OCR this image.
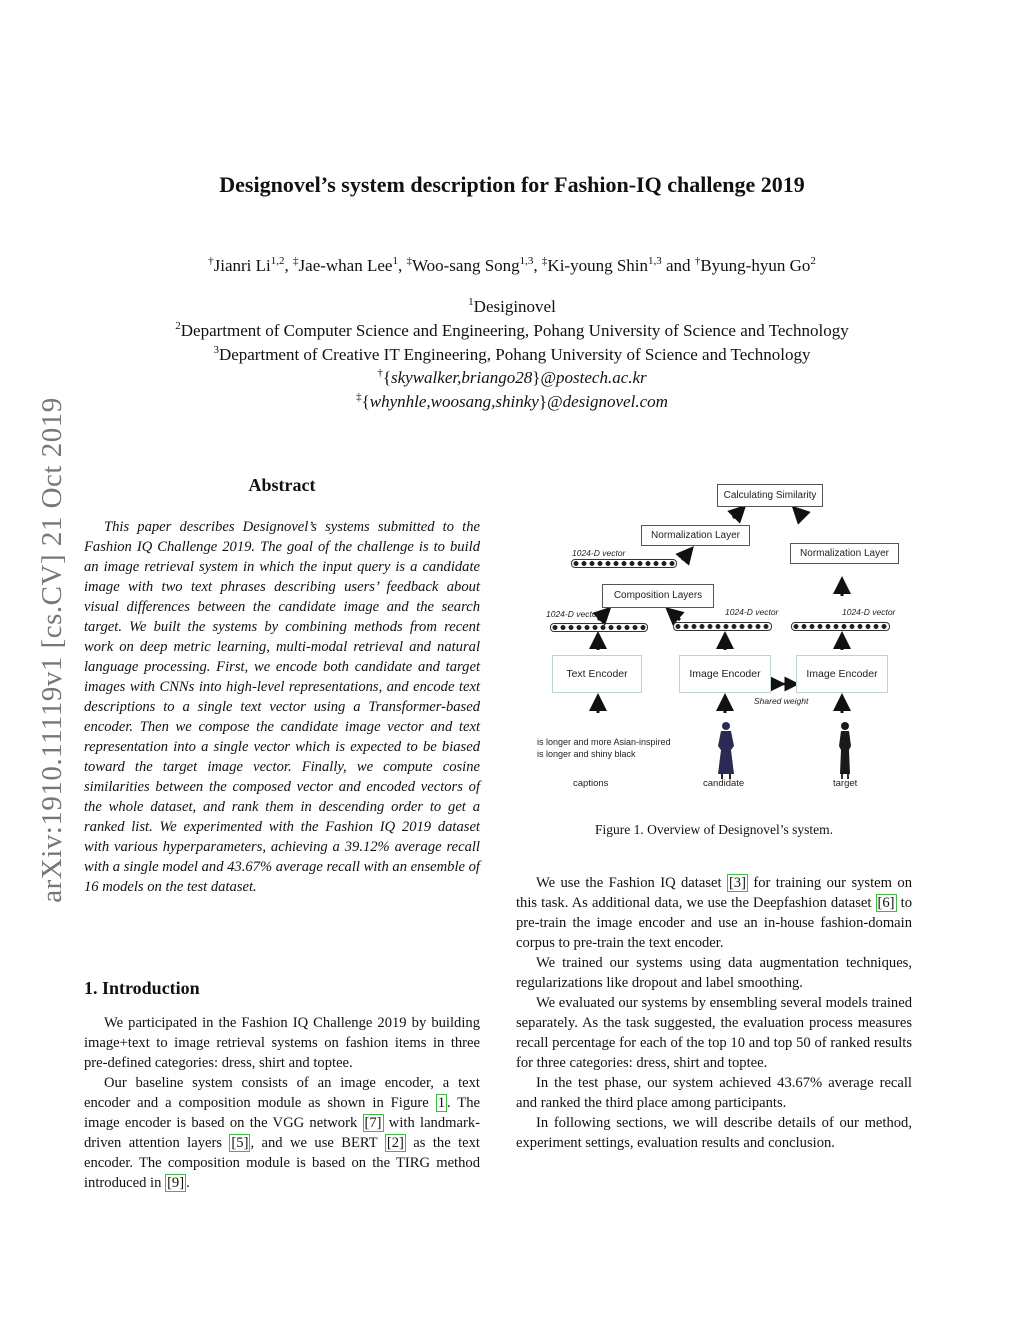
arXiv:1910.11119v1 [cs.CV] 21 Oct 2019
Designovel’s system description for Fashion-IQ challenge 2019
†Jianri Li$^{1,2}$, ‡Jae-whan Lee$^1$, ‡Woo-sang Song$^{1,3}$, ‡Ki-young Shin$^{1,3}$ and †Byung-hyun Go$^2$
$^1$Desiginovel
$^2$Department of Computer Science and Engineering, Pohang University of Science and Technology
$^3$Department of Creative IT Engineering, Pohang University of Science and Technology
†{skywalker,briango28}@postech.ac.kr
‡{whynhle,woosang,shinky}@designovel.com
Abstract

This paper describes Designovel’s systems submitted to the Fashion IQ Challenge 2019. The goal of the challenge is to build an image retrieval system in which the input query is a candidate image with two text phrases describing users’ feedback about visual differences between the candidate image and the search target. We built the systems by combining methods from recent work on deep metric learning, multi-modal retrieval and natural language processing. First, we encode both candidate and target images with CNNs into high-level representations, and encode text descriptions to a single text vector using a Transformer-based encoder. Then we compose the candidate image vector and text representation into a single vector which is expected to be biased toward the target image vector. Finally, we compute cosine similarities between the composed vector and encoded vectors of the whole dataset, and rank them in descending order to get a ranked list. We experimented with the Fashion IQ 2019 dataset with various hyperparameters, achieving a 39.12% average recall with a single model and 43.67% average recall with an ensemble of 16 models on the test dataset.

1. Introduction

We participated in the Fashion IQ Challenge 2019 by building image+text to image retrieval systems on fashion items in three pre-defined categories: dress, shirt and toptee.

Our baseline system consists of an image encoder, a text encoder and a composition module as shown in Figure 1 . The image encoder is based on the VGG network [7] with landmark-driven attention layers [5] , and we use BERT [2] as the text encoder. The composition module is based on the TIRG method introduced in [9] .

Calculating Similarity
Normalization Layer
Normalization Layer
1024-D vector
Composition Layers
1024-D vector	1024-D vector	1024-D vector
Text Encoder	Image Encoder	Image Encoder
Shared weight
is longer and more Asian-inspired
is longer and shiny black
captions	candidate	target
Figure 1. Overview of Designovel’s system.

We use the Fashion IQ dataset [3] for training our system on this task. As additional data, we use the Deepfashion dataset [6] to pre-train the image encoder and use an in-house fashion-domain corpus to pre-train the text encoder.

We trained our systems using data augmentation techniques, regularizations like dropout and label smoothing.

We evaluated our systems by ensembling several models trained separately. As the task suggested, the evaluation process measures recall percentage for each of the top 10 and top 50 of ranked results for three categories: dress, shirt and toptee.

In the test phase, our system achieved 43.67% average recall and ranked the third place among participants.

In following sections, we will describe details of our method, experiment settings, evaluation results and conclusion.
